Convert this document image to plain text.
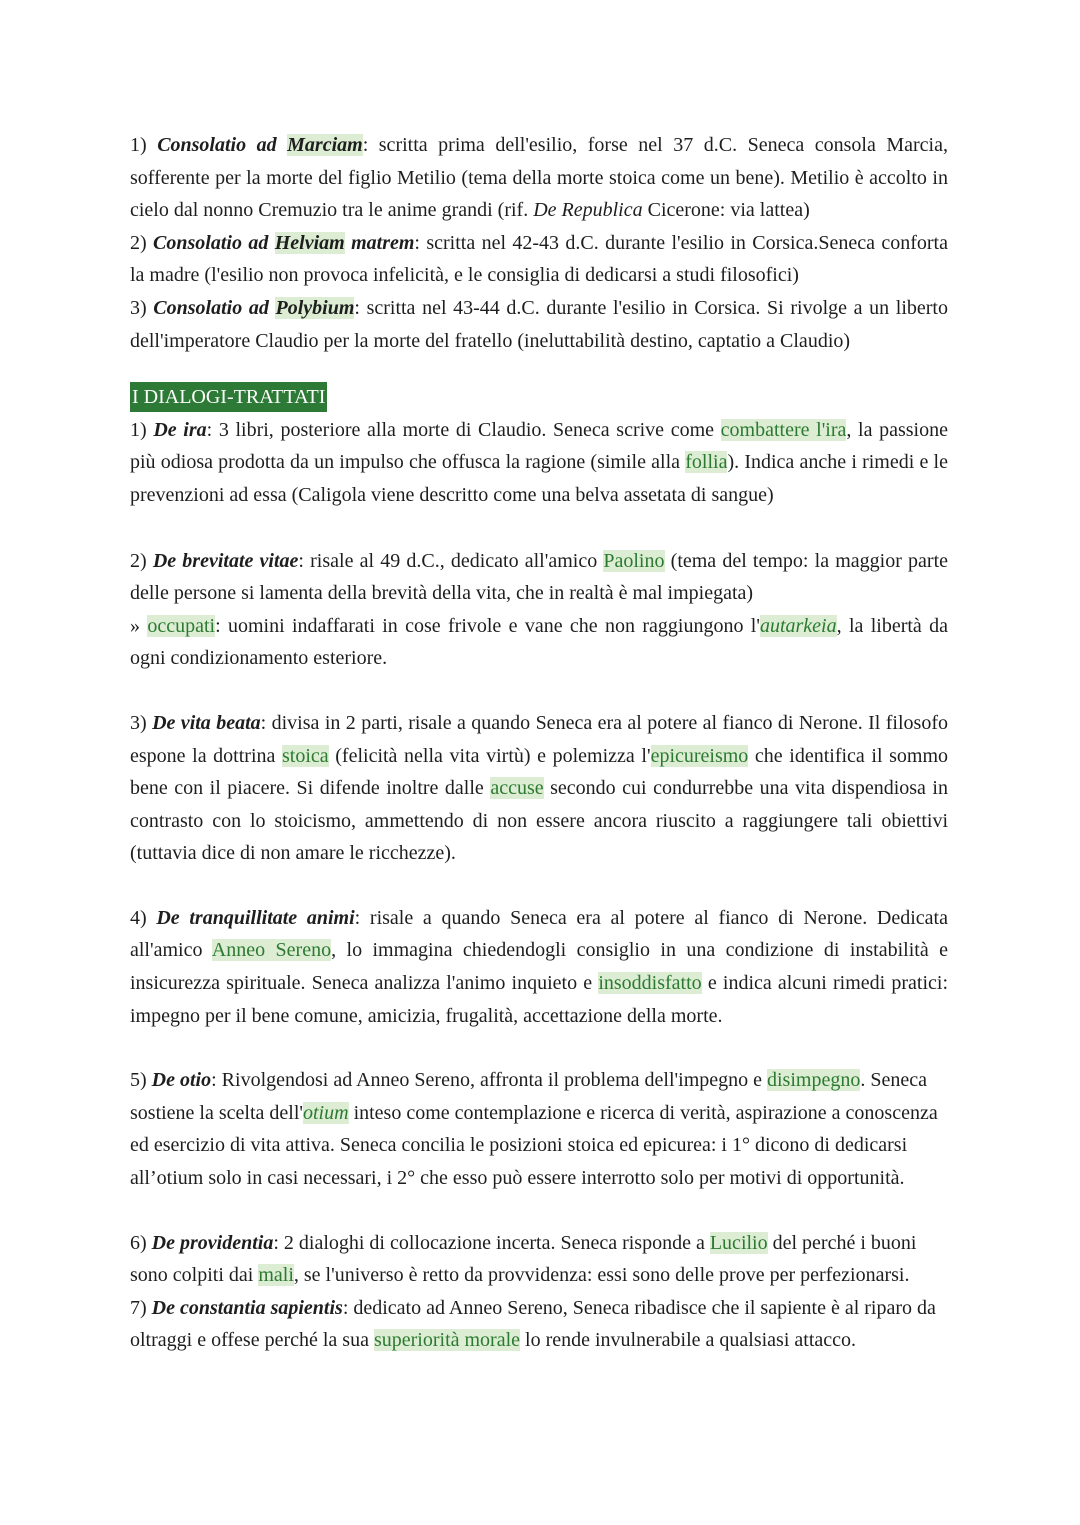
1) Consolatio ad Marciam: scritta prima dell'esilio, forse nel 37 d.C. Seneca consola Marcia, sofferente per la morte del figlio Metilio (tema della morte stoica come un bene). Metilio è accolto in cielo dal nonno Cremuzio tra le anime grandi (rif. De Republica Cicerone: via lattea)

2) Consolatio ad Helviam matrem: scritta nel 42-43 d.C. durante l'esilio in Corsica.Seneca conforta la madre (l'esilio non provoca infelicità, e le consiglia di dedicarsi a studi filosofici)

3) Consolatio ad Polybium: scritta nel 43-44 d.C. durante l'esilio in Corsica. Si rivolge a un liberto dell'imperatore Claudio per la morte del fratello (ineluttabilità destino, captatio a Claudio)

I DIALOGI-TRATTATI

1) De ira: 3 libri, posteriore alla morte di Claudio. Seneca scrive come combattere l'ira, la passione più odiosa prodotta da un impulso che offusca la ragione (simile alla follia). Indica anche i rimedi e le prevenzioni ad essa (Caligola viene descritto come una belva assetata di sangue)

2) De brevitate vitae: risale al 49 d.C., dedicato all'amico Paolino (tema del tempo: la maggior parte delle persone si lamenta della brevità della vita, che in realtà è mal impiegata)

» occupati: uomini indaffarati in cose frivole e vane che non raggiungono l'autarkeia, la libertà da ogni condizionamento esteriore.

3) De vita beata: divisa in 2 parti, risale a quando Seneca era al potere al fianco di Nerone. Il filosofo espone la dottrina stoica (felicità nella vita virtù) e polemizza l'epicureismo che identifica il sommo bene con il piacere. Si difende inoltre dalle accuse secondo cui condurrebbe una vita dispendiosa in contrasto con lo stoicismo, ammettendo di non essere ancora riuscito a raggiungere tali obiettivi (tuttavia dice di non amare le ricchezze).

4) De tranquillitate animi: risale a quando Seneca era al potere al fianco di Nerone. Dedicata all'amico Anneo Sereno, lo immagina chiedendogli consiglio in una condizione di instabilità e insicurezza spirituale. Seneca analizza l'animo inquieto e insoddisfatto e indica alcuni rimedi pratici: impegno per il bene comune, amicizia, frugalità, accettazione della morte.

5) De otio: Rivolgendosi ad Anneo Sereno, affronta il problema dell'impegno e disimpegno. Seneca sostiene la scelta dell'otium inteso come contemplazione e ricerca di verità, aspirazione a conoscenza ed esercizio di vita attiva. Seneca concilia le posizioni stoica ed epicurea: i 1° dicono di dedicarsi all’otium solo in casi necessari, i 2° che esso può essere interrotto solo per motivi di opportunità.

6) De providentia: 2 dialoghi di collocazione incerta. Seneca risponde a Lucilio del perché i buoni sono colpiti dai mali, se l'universo è retto da provvidenza: essi sono delle prove per perfezionarsi.

7) De constantia sapientis: dedicato ad Anneo Sereno, Seneca ribadisce che il sapiente è al riparo da oltraggi e offese perché la sua superiorità morale lo rende invulnerabile a qualsiasi attacco.
